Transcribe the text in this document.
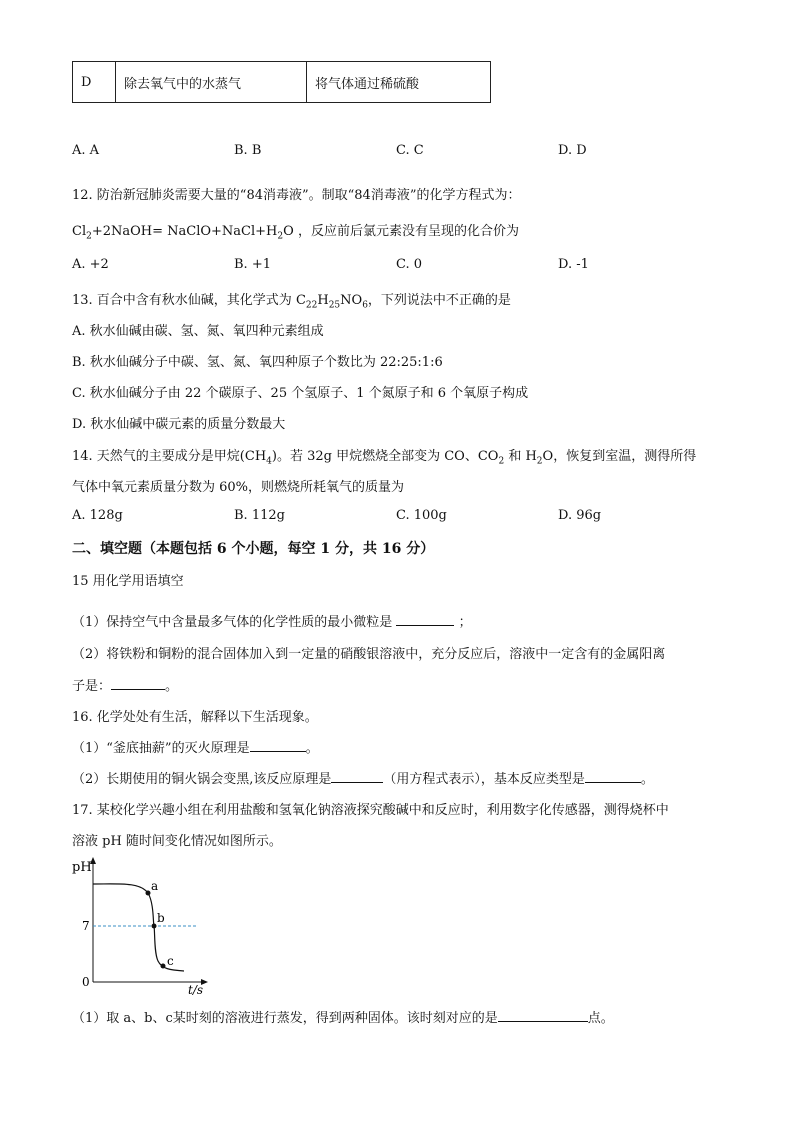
D	除去氧气中的水蒸气	将气体通过稀硫酸
A. A	B. B	C. C	D. D
12. 防治新冠肺炎需要大量的“84消毒液”。制取“84消毒液”的化学方程式为：
$Cl_2+2NaOH=$ $NaClO+NaCl+H_2O$ ，反应前后氯元素没有呈现的化合价为
A. +2	B. +1	C. 0	D. -1
13. 百合中含有秋水仙碱，其化学式为 $C_{22}H_{25}NO_6$，下列说法中不正确的是
A. 秋水仙碱由碳、氢、氮、氧四种元素组成
B. 秋水仙碱分子中碳、氢、氮、氧四种原子个数比为 22:25:1:6
C. 秋水仙碱分子由 22 个碳原子、25 个氢原子、1 个氮原子和 6 个氧原子构成
D. 秋水仙碱中碳元素的质量分数最大
14. 天然气的主要成分是甲烷$(CH_4)$。若 32g 甲烷燃烧全部变为 CO、$CO_2$ 和 $H_2O$，恢复到室温，测得所得
气体中氧元素质量分数为 60%，则燃烧所耗氧气的质量为
A. 128g	B. 112g	C. 100g	D. 96g
二、填空题（本题包括 6 个小题，每空 1 分，共 16 分）
15 用化学用语填空
（1）保持空气中含量最多气体的化学性质的最小微粒是	；
（2）将铁粉和铜粉的混合固体加入到一定量的硝酸银溶液中，充分反应后，溶液中一定含有的金属阳离
子是：	。
16. 化学处处有生活，解释以下生活现象。
（1）“釜底抽薪”的灭火原理是	。
（2）长期使用的铜火锅会变黑,该反应原理是	（用方程式表示），基本反应类型是	。
17. 某校化学兴趣小组在利用盐酸和氢氧化钠溶液探究酸碱中和反应时，利用数字化传感器，测得烧杯中
溶液 pH 随时间变化情况如图所示。
pH
t/s
7
0
a
b
c
（1）取 a、b、c某时刻的溶液进行蒸发，得到两种固体。该时刻对应的是	点。
